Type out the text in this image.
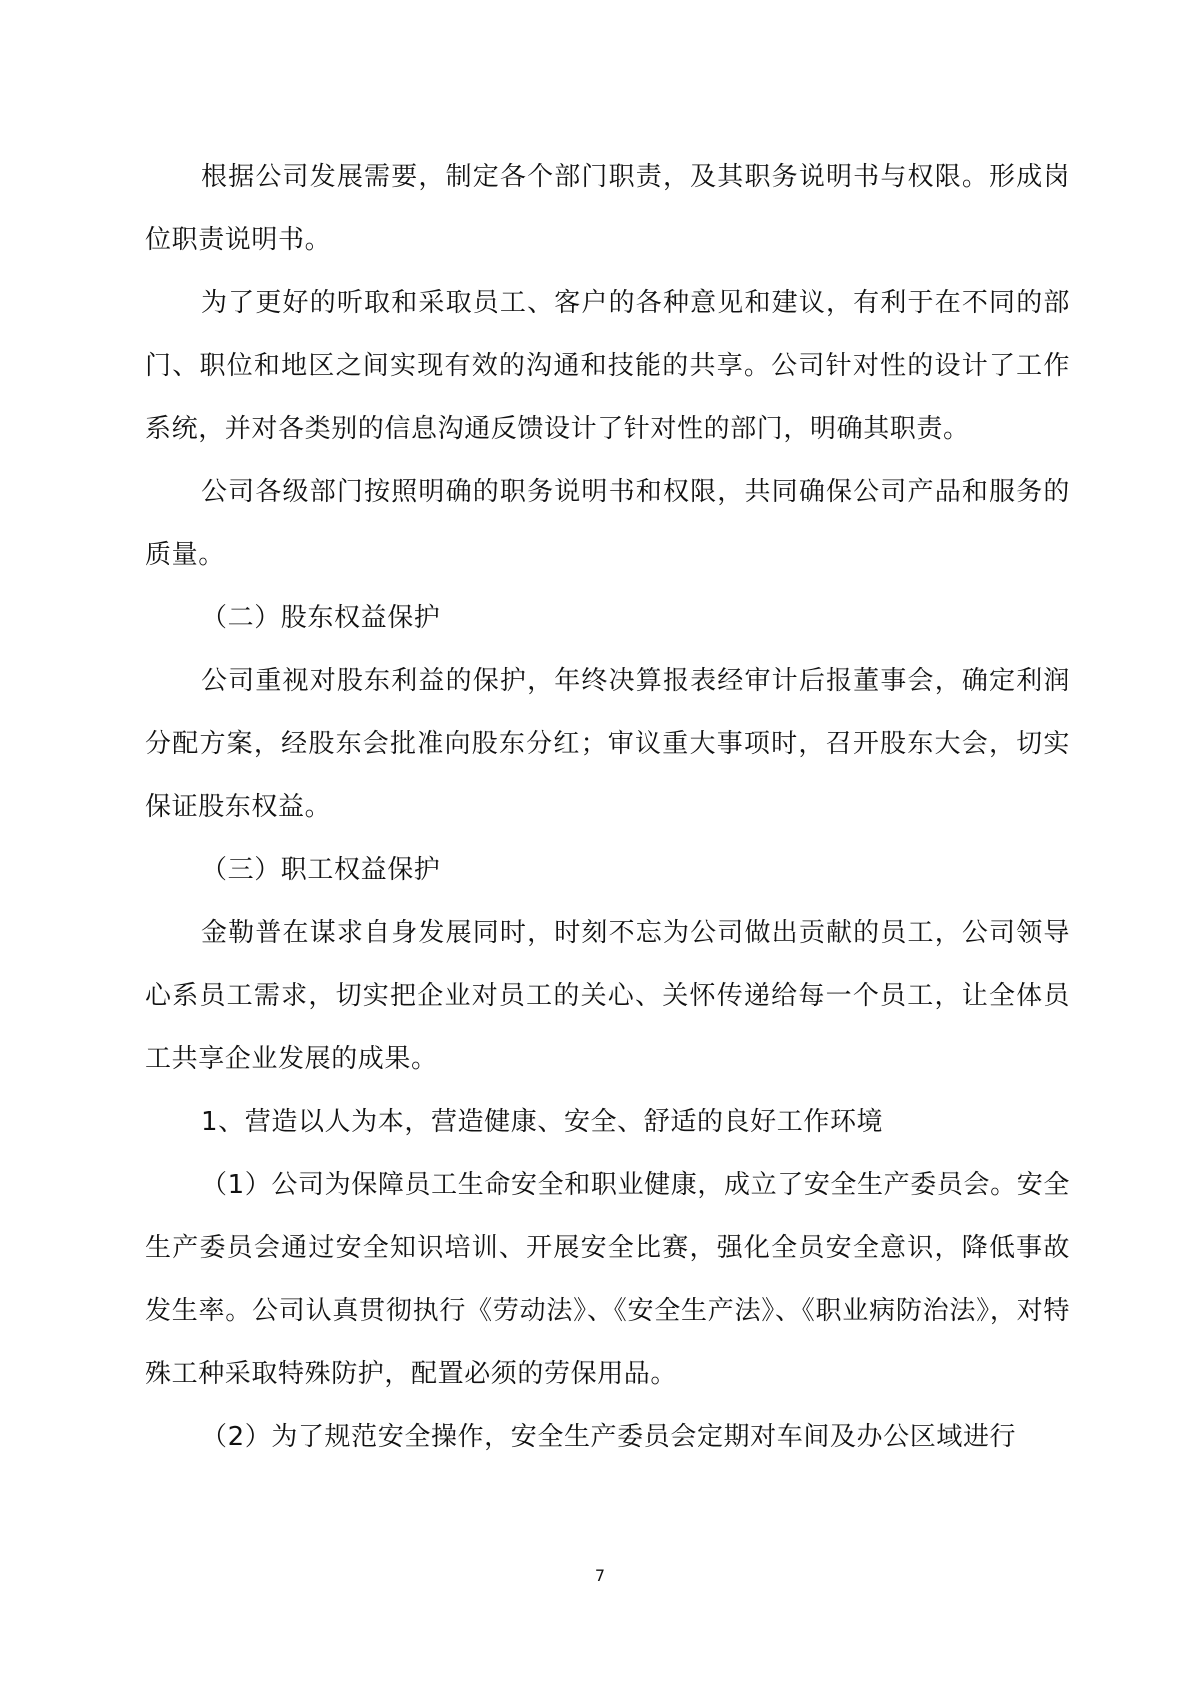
根据公司发展需要，制定各个部门职责，及其职务说明书与权限。形成岗位职责说明书。

为了更好的听取和采取员工、客户的各种意见和建议，有利于在不同的部门、职位和地区之间实现有效的沟通和技能的共享。公司针对性的设计了工作系统，并对各类别的信息沟通反馈设计了针对性的部门，明确其职责。

公司各级部门按照明确的职务说明书和权限，共同确保公司产品和服务的质量。

（二）股东权益保护

公司重视对股东利益的保护，年终决算报表经审计后报董事会，确定利润分配方案，经股东会批准向股东分红；审议重大事项时，召开股东大会，切实保证股东权益。

（三）职工权益保护

金勒普在谋求自身发展同时，时刻不忘为公司做出贡献的员工，公司领导心系员工需求，切实把企业对员工的关心、关怀传递给每一个员工，让全体员工共享企业发展的成果。

1、营造以人为本，营造健康、安全、舒适的良好工作环境

（1）公司为保障员工生命安全和职业健康，成立了安全生产委员会。安全生产委员会通过安全知识培训、开展安全比赛，强化全员安全意识，降低事故发生率。公司认真贯彻执行《劳动法》、《安全生产法》、《职业病防治法》，对特殊工种采取特殊防护，配置必须的劳保用品。

（2）为了规范安全操作，安全生产委员会定期对车间及办公区域进行

7
